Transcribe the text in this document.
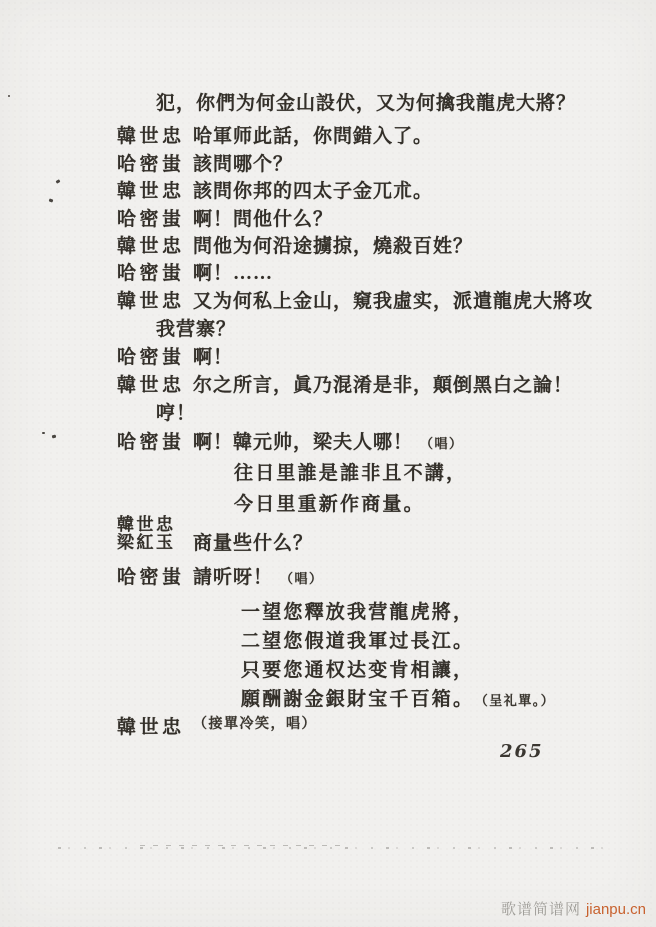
犯，你們为何金山設伏，又为何擒我龍虎大將？
韓世忠 哈軍师此話，你問錯入了。
哈密蚩 該問哪个？
韓世忠 該問你邦的四太子金兀朮。
哈密蚩 啊！問他什么？
韓世忠 問他为何沿途擄掠，燒殺百姓？
哈密蚩 啊！……
韓世忠 又为何私上金山，窺我虛实，派遣龍虎大將攻
我营寨？
哈密蚩 啊！
韓世忠 尔之所言，眞乃混淆是非，顛倒黑白之論！
哼！
哈密蚩 啊！韓元帅，梁夫人哪！ （唱）
往日里誰是誰非且不講，
今日里重新作商量。
韓世忠
梁紅玉 商量些什么？
哈密蚩 請听呀！ （唱）
一望您釋放我营龍虎將，
二望您假道我軍过長江。
只要您通权达变肯相讓，
願酬謝金銀財宝千百箱。 （呈礼單。）
韓世忠 （接單冷笑，唱）
265
歌谱简谱网 jianpu.cn
